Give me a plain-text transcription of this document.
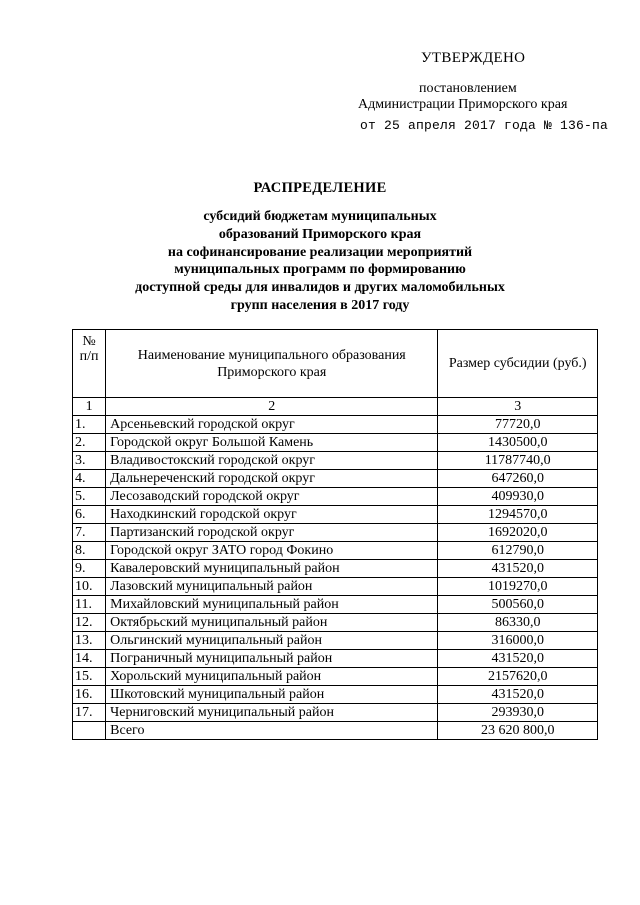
УТВЕРЖДЕНО
постановлением
Администрации Приморского края
от 25 апреля 2017 года № 136-па
РАСПРЕДЕЛЕНИЕ
субсидий бюджетам муниципальных
образований Приморского края
на софинансирование реализации мероприятий
муниципальных программ по формированию
доступной среды для инвалидов и других маломобильных
групп населения в 2017 году
№ п/п	Наименование муниципального образования Приморского края	Размер субсидии (руб.)
1	2	3
1.	Арсеньевский городской округ	77720,0
2.	Городской округ Большой Камень	1430500,0
3.	Владивостокский городской округ	11787740,0
4.	Дальнереченский городской округ	647260,0
5.	Лесозаводский городской округ	409930,0
6.	Находкинский городской округ	1294570,0
7.	Партизанский городской округ	1692020,0
8.	Городской округ ЗАТО город Фокино	612790,0
9.	Кавалеровский муниципальный район	431520,0
10.	Лазовский муниципальный район	1019270,0
11.	Михайловский муниципальный район	500560,0
12.	Октябрьский муниципальный район	86330,0
13.	Ольгинский муниципальный район	316000,0
14.	Пограничный муниципальный район	431520,0
15.	Хорольский муниципальный район	2157620,0
16.	Шкотовский муниципальный район	431520,0
17.	Черниговский муниципальный район	293930,0
	Всего	23 620 800,0
